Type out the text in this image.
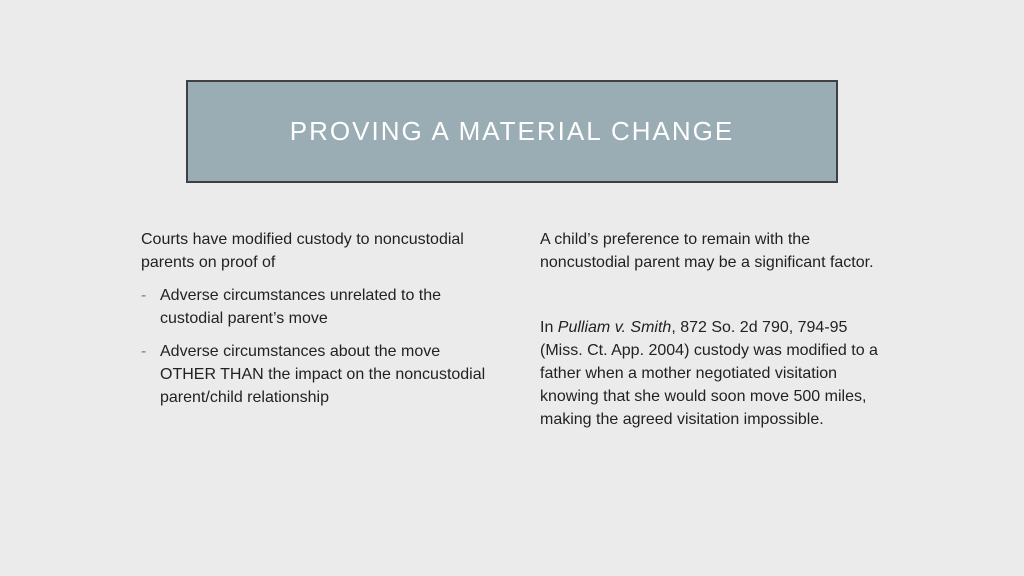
PROVING A MATERIAL CHANGE

Courts have modified custody to noncustodial parents on proof of

- Adverse circumstances unrelated to the custodial parent’s move
- Adverse circumstances about the move OTHER THAN the impact on the noncustodial parent/child relationship

A child’s preference to remain with the noncustodial parent may be a significant factor.

In Pulliam v. Smith, 872 So. 2d 790, 794-95 (Miss. Ct. App. 2004) custody was modified to a father when a mother negotiated visitation knowing that she would soon move 500 miles, making the agreed visitation impossible.
